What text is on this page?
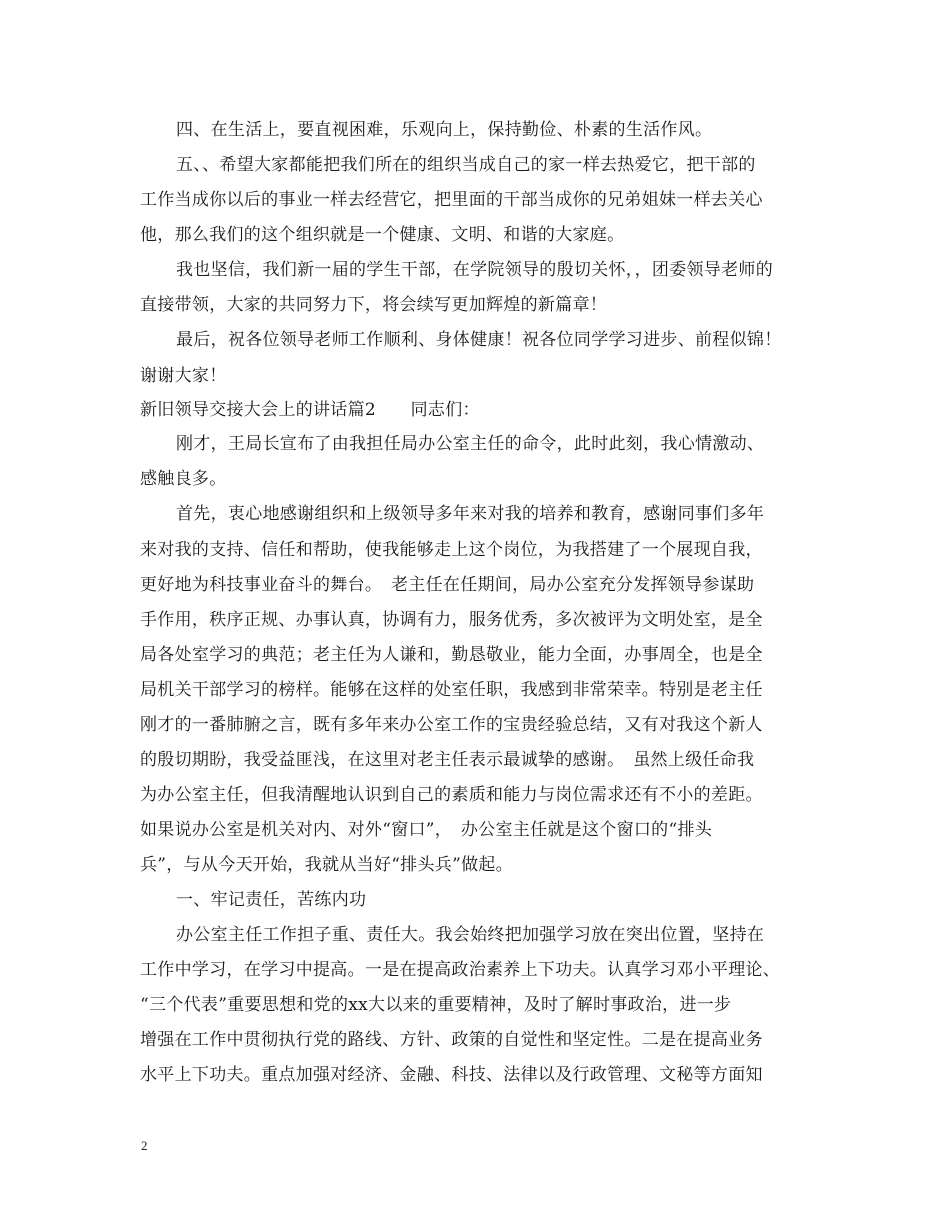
四、在生活上，要直视困难，乐观向上，保持勤俭、朴素的生活作风。
五、、希望大家都能把我们所在的组织当成自己的家一样去热爱它，把干部的
工作当成你以后的事业一样去经营它，把里面的干部当成你的兄弟姐妹一样去关心
他，那么我们的这个组织就是一个健康、文明、和谐的大家庭。
我也坚信，我们新一届的学生干部，在学院领导的殷切关怀，，团委领导老师的
直接带领，大家的共同努力下，将会续写更加辉煌的新篇章！
最后，祝各位领导老师工作顺利、身体健康！祝各位同学学习进步、前程似锦！
谢谢大家！
新旧领导交接大会上的讲话篇2　　同志们：
刚才，王局长宣布了由我担任局办公室主任的命令，此时此刻，我心情激动、
感触良多。
首先，衷心地感谢组织和上级领导多年来对我的培养和教育，感谢同事们多年
来对我的支持、信任和帮助，使我能够走上这个岗位，为我搭建了一个展现自我，
更好地为科技事业奋斗的舞台。　老主任在任期间，局办公室充分发挥领导参谋助
手作用，秩序正规、办事认真，协调有力，服务优秀，多次被评为文明处室，是全
局各处室学习的典范；老主任为人谦和，勤恳敬业，能力全面，办事周全，也是全
局机关干部学习的榜样。能够在这样的处室任职，我感到非常荣幸。特别是老主任
刚才的一番肺腑之言，既有多年来办公室工作的宝贵经验总结，又有对我这个新人
的殷切期盼，我受益匪浅，在这里对老主任表示最诚挚的感谢。　虽然上级任命我
为办公室主任，但我清醒地认识到自己的素质和能力与岗位需求还有不小的差距。
如果说办公室是机关对内、对外“窗口”，　办公室主任就是这个窗口的“排头
兵”，与从今天开始，我就从当好“排头兵”做起。
一、牢记责任，苦练内功
办公室主任工作担子重、责任大。我会始终把加强学习放在突出位置，坚持在
工作中学习，在学习中提高。一是在提高政治素养上下功夫。认真学习邓小平理论、
“三个代表”重要思想和党的xx大以来的重要精神，及时了解时事政治，进一步
增强在工作中贯彻执行党的路线、方针、政策的自觉性和坚定性。二是在提高业务
水平上下功夫。重点加强对经济、金融、科技、法律以及行政管理、文秘等方面知
2
